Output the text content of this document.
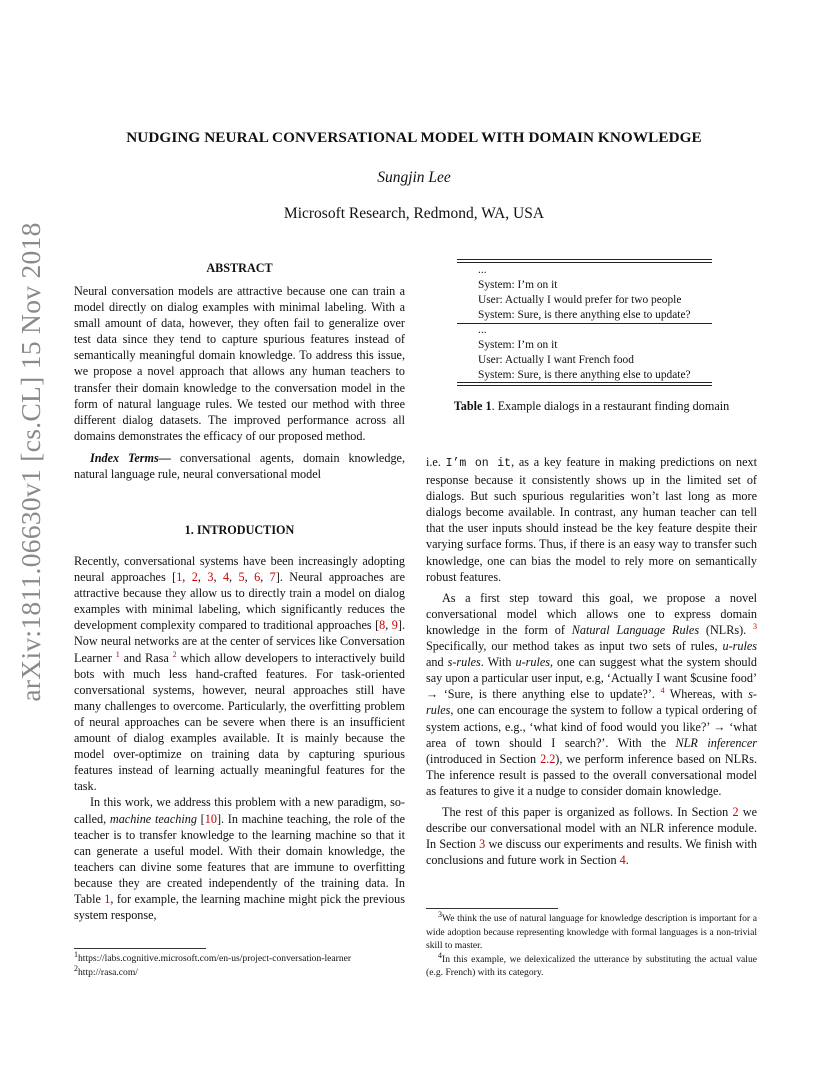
NUDGING NEURAL CONVERSATIONAL MODEL WITH DOMAIN KNOWLEDGE
Sungjin Lee
Microsoft Research, Redmond, WA, USA
arXiv:1811.06630v1 [cs.CL] 15 Nov 2018	ABSTRACT

Neural conversation models are attractive because one can train a model directly on dialog examples with minimal labeling. With a small amount of data, however, they often fail to generalize over test data since they tend to capture spurious features instead of semantically meaningful domain knowledge. To address this issue, we propose a novel approach that allows any human teachers to transfer their domain knowledge to the conversation model in the form of natural language rules. We tested our method with three different dialog datasets. The improved performance across all domains demonstrates the efficacy of our proposed method.

Index Terms— conversational agents, domain knowledge, natural language rule, neural conversational model

1. INTRODUCTION

Recently, conversational systems have been increasingly adopting neural approaches [1, 2, 3, 4, 5, 6, 7]. Neural approaches are attractive because they allow us to directly train a model on dialog examples with minimal labeling, which significantly reduces the development complexity compared to traditional approaches [8, 9]. Now neural networks are at the center of services like Conversation Learner $^1$ and Rasa $^2$ which allow developers to interactively build bots with much less hand-crafted features. For task-oriented conversational systems, however, neural approaches still have many challenges to overcome. Particularly, the overfitting problem of neural approaches can be severe when there is an insufficient amount of dialog examples available. It is mainly because the model over-optimize on training data by capturing spurious features instead of learning actually meaningful features for the task.

In this work, we address this problem with a new paradigm, so-called, machine teaching [10]. In machine teaching, the role of the teacher is to transfer knowledge to the learning machine so that it can generate a useful model. With their domain knowledge, the teachers can divine some features that are immune to overfitting because they are created independently of the training data. In Table 1, for example, the learning machine might pick the previous system response,

$^1$https://labs.cognitive.microsoft.com/en-us/project-conversation-learner
$^2$http://rasa.com/
...
System: I’m on it
User: Actually I would prefer for two people
System: Sure, is there anything else to update?
...
System: I’m on it
User: Actually I want French food
System: Sure, is there anything else to update?
Table 1. Example dialogs in a restaurant finding domain

i.e. I’m on it, as a key feature in making predictions on next response because it consistently shows up in the limited set of dialogs. But such spurious regularities won’t last long as more dialogs become available. In contrast, any human teacher can tell that the user inputs should instead be the key feature despite their varying surface forms. Thus, if there is an easy way to transfer such knowledge, one can bias the model to rely more on semantically robust features.

As a first step toward this goal, we propose a novel conversational model which allows one to express domain knowledge in the form of Natural Language Rules (NLRs). $^3$ Specifically, our method takes as input two sets of rules, u-rules and s-rules. With u-rules, one can suggest what the system should say upon a particular user input, e.g, ‘Actually I want $cusine food’ → ‘Sure, is there anything else to update?’. $^4$ Whereas, with s-rules, one can encourage the system to follow a typical ordering of system actions, e.g., ‘what kind of food would you like?’ → ‘what area of town should I search?’. With the NLR inferencer (introduced in Section 2.2), we perform inference based on NLRs. The inference result is passed to the overall conversational model as features to give it a nudge to consider domain knowledge.

The rest of this paper is organized as follows. In Section 2 we describe our conversational model with an NLR inference module. In Section 3 we discuss our experiments and results. We finish with conclusions and future work in Section 4.

$^3$We think the use of natural language for knowledge description is important for a wide adoption because representing knowledge with formal languages is a non-trivial skill to master.
$^4$In this example, we delexicalized the utterance by substituting the actual value (e.g. French) with its category.
